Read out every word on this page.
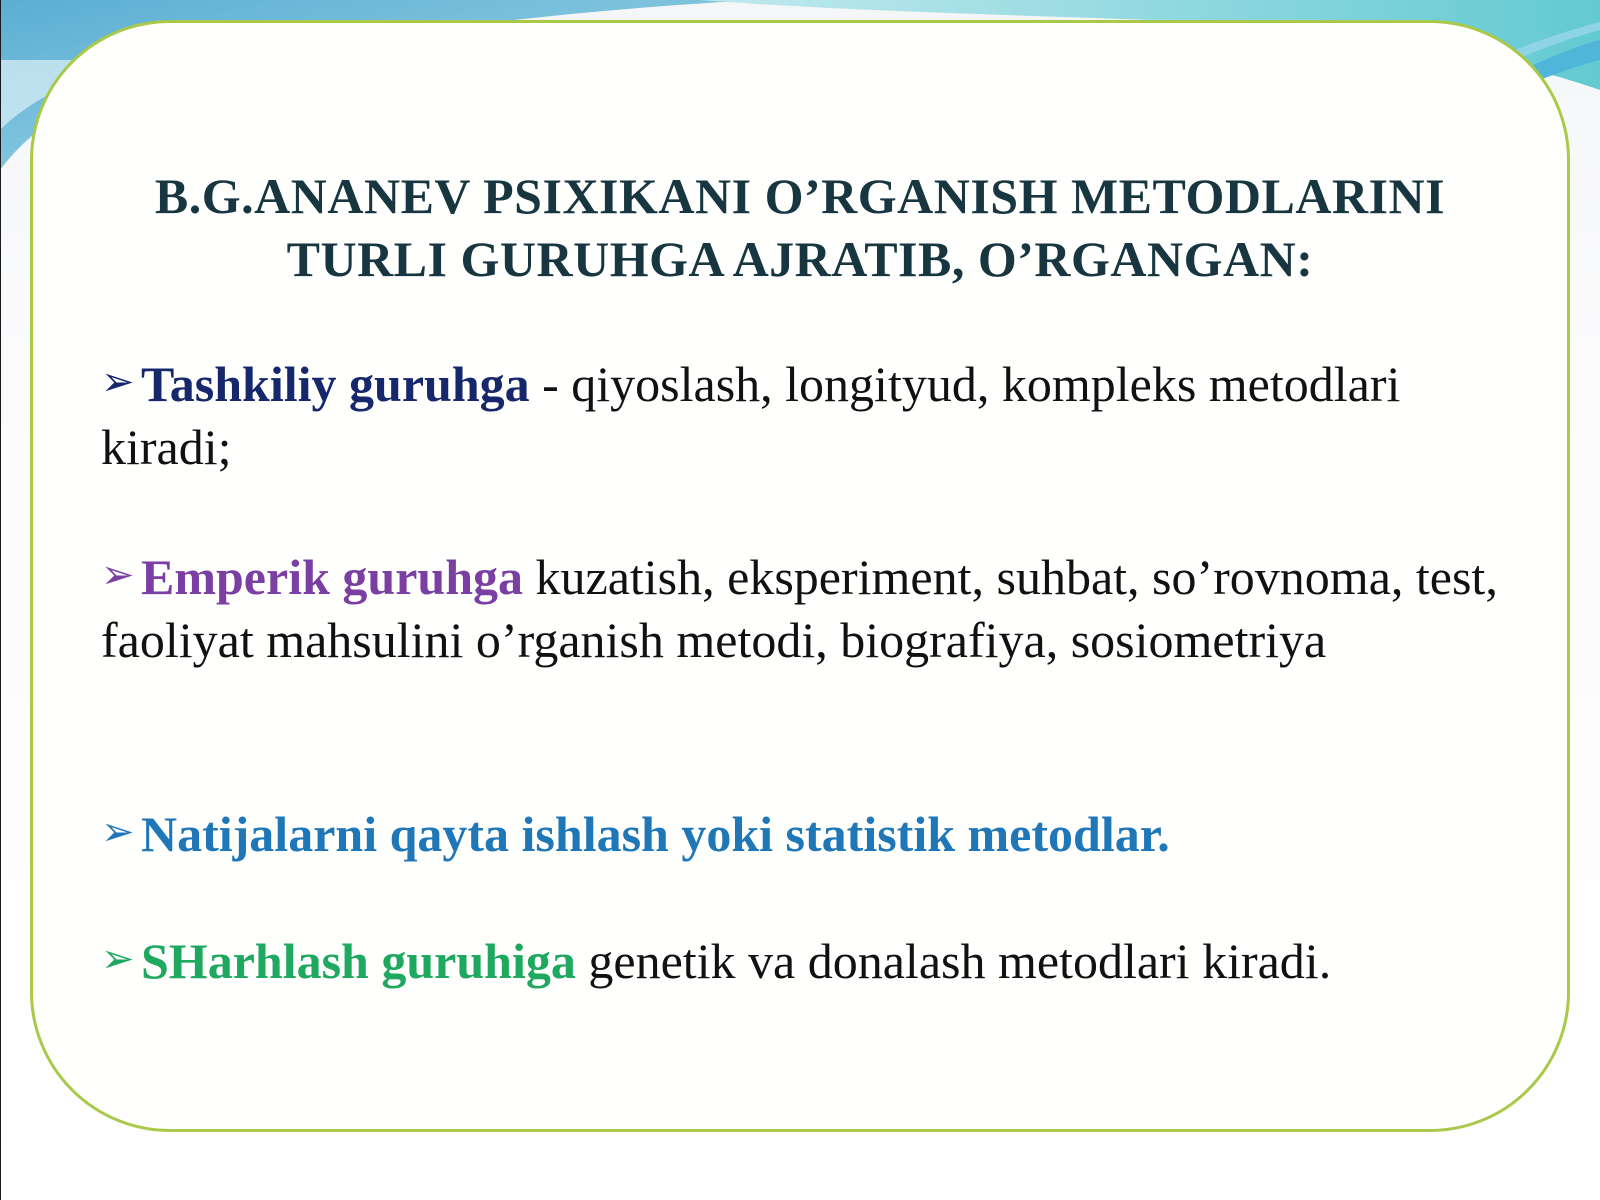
B.G.ANANEV PSIXIKANI O’RGANISH METODLARINI TURLI GURUHGA AJRATIB, O’RGANGAN:

➢ Tashkiliy guruhga - qiyoslash, longityud, kompleks metodlari kiradi;

➢ Emperik guruhga kuzatish, eksperiment, suhbat, so’rovnoma, test, faoliyat mahsulini o’rganish metodi, biografiya, sosiometriya

➢ Natijalarni qayta ishlash yoki statistik metodlar.

➢ SHarhlash guruhiga genetik va donalash metodlari kiradi.
